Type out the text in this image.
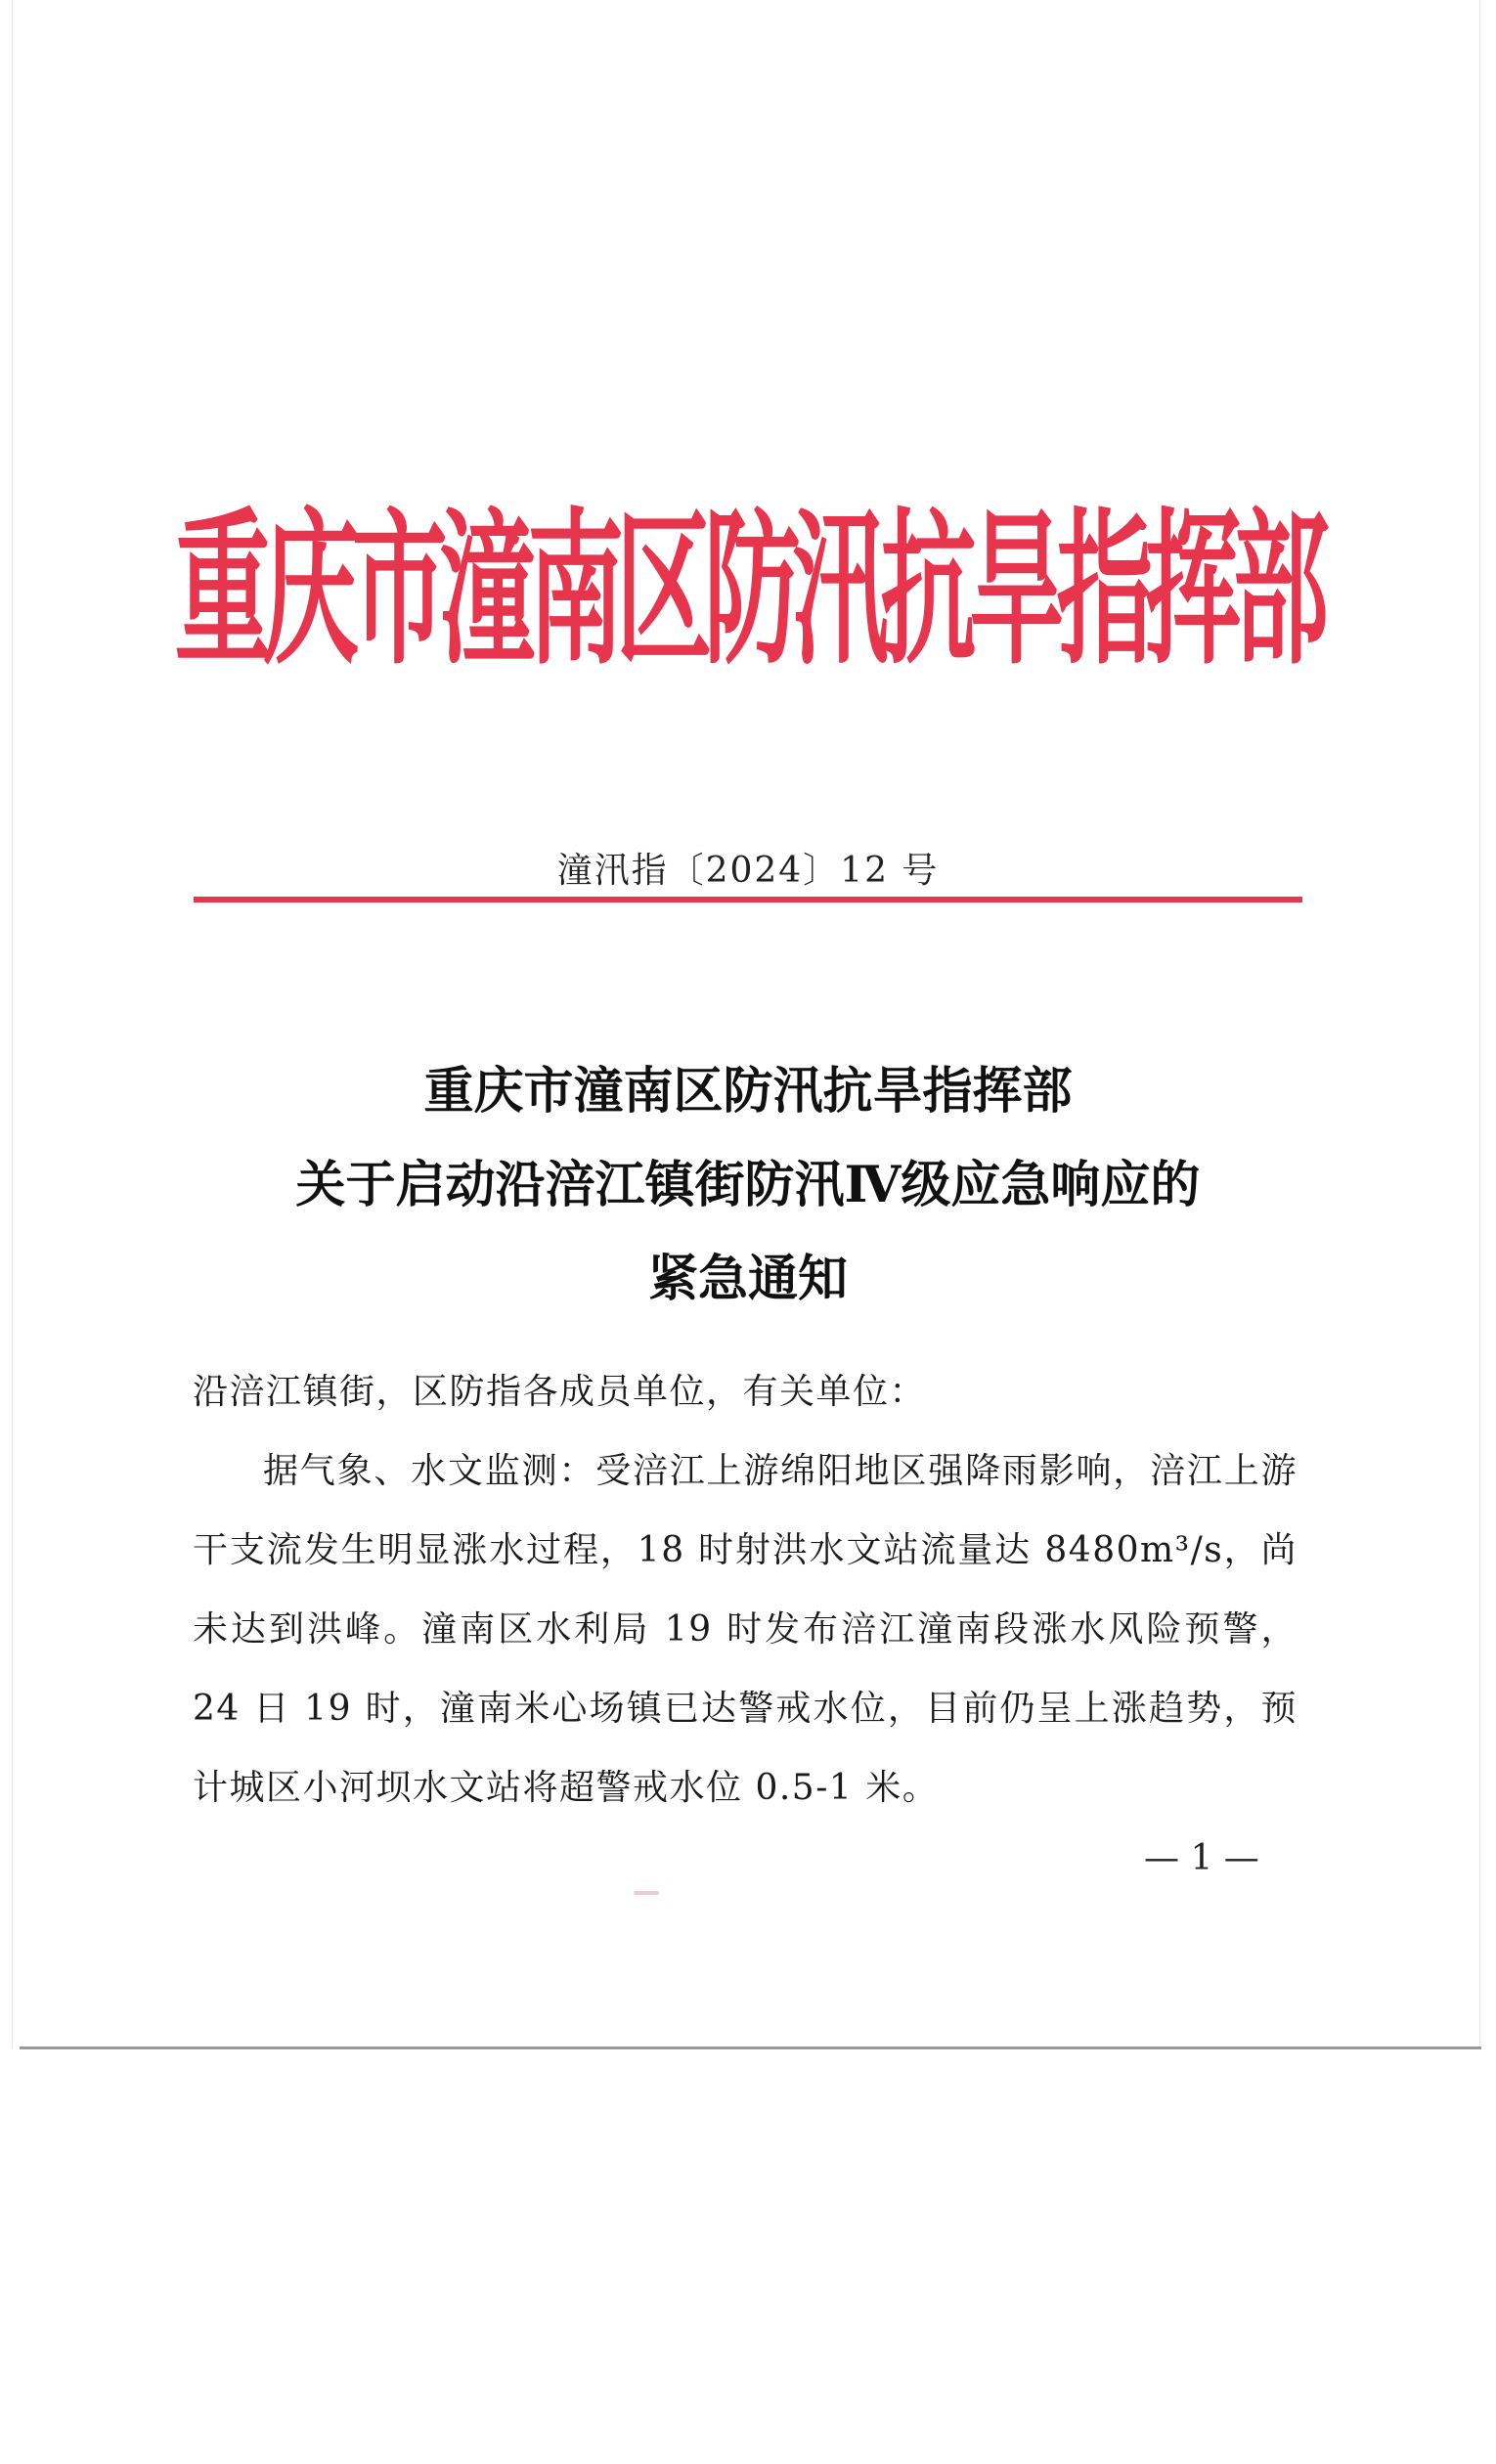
重庆市潼南区防汛抗旱指挥部
潼汛指〔2024〕12 号
重庆市潼南区防汛抗旱指挥部
关于启动沿涪江镇街防汛Ⅳ级应急响应的
紧急通知
沿涪江镇街，区防指各成员单位，有关单位：

据气象、水文监测：受涪江上游绵阳地区强降雨影响，涪江上游干支流发生明显涨水过程，18 时射洪水文站流量达 8480m³/s，尚未达到洪峰。潼南区水利局 19 时发布涪江潼南段涨水风险预警，24 日 19 时，潼南米心场镇已达警戒水位，目前仍呈上涨趋势，预计城区小河坝水文站将超警戒水位 0.5-1 米。

— 1 —
